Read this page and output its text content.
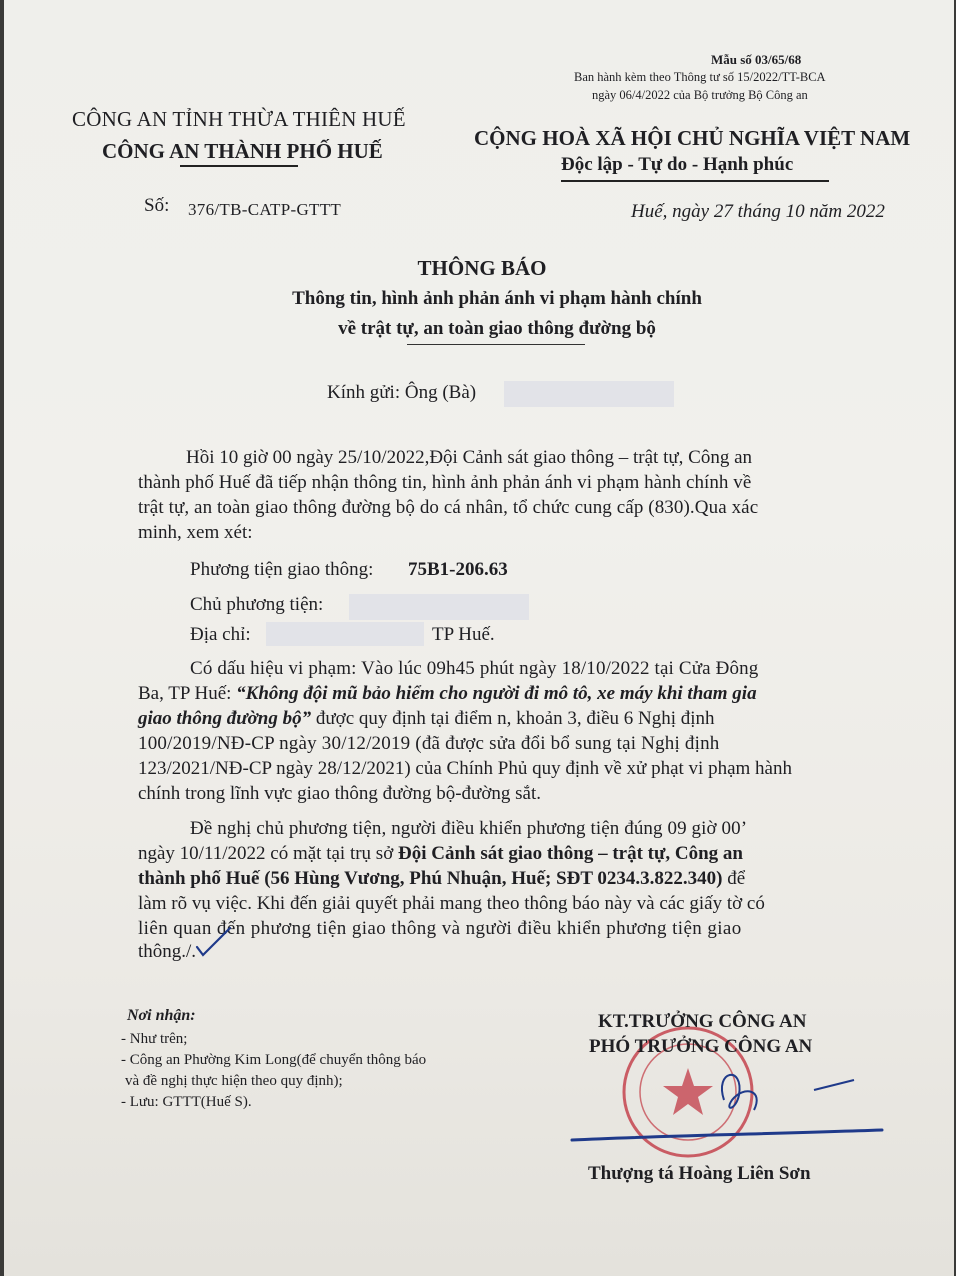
Mẫu số 03/65/68
Ban hành kèm theo Thông tư số 15/2022/TT-BCA
ngày 06/4/2022 của Bộ trưởng Bộ Công an
CÔNG AN TỈNH THỪA THIÊN HUẾ
CÔNG AN THÀNH PHỐ HUẾ
CỘNG HOÀ XÃ HỘI CHỦ NGHĨA VIỆT NAM
Độc lập - Tự do - Hạnh phúc
Số: 376/TB-CATP-GTTT	Huế, ngày 27 tháng 10 năm 2022
THÔNG BÁO
Thông tin, hình ảnh phản ánh vi phạm hành chính
về trật tự, an toàn giao thông đường bộ
Kính gửi: Ông (Bà)
Hồi 10 giờ 00 ngày 25/10/2022,Đội Cảnh sát giao thông – trật tự, Công an
thành phố Huế đã tiếp nhận thông tin, hình ảnh phản ánh vi phạm hành chính về
trật tự, an toàn giao thông đường bộ do cá nhân, tổ chức cung cấp (830).Qua xác
minh, xem xét:
Phương tiện giao thông: 75B1-206.63
Chủ phương tiện:
Địa chỉ:	TP Huế.
Có dấu hiệu vi phạm: Vào lúc 09h45 phút ngày 18/10/2022 tại Cửa Đông
Ba, TP Huế: “Không đội mũ bảo hiểm cho người đi mô tô, xe máy khi tham gia
giao thông đường bộ” được quy định tại điểm n, khoản 3, điều 6 Nghị định
100/2019/NĐ-CP ngày 30/12/2019 (đã được sửa đổi bổ sung tại Nghị định
123/2021/NĐ-CP ngày 28/12/2021) của Chính Phủ quy định về xử phạt vi phạm hành
chính trong lĩnh vực giao thông đường bộ-đường sắt.
Đề nghị chủ phương tiện, người điều khiển phương tiện đúng 09 giờ 00’
ngày 10/11/2022 có mặt tại trụ sở Đội Cảnh sát giao thông – trật tự, Công an
thành phố Huế (56 Hùng Vương, Phú Nhuận, Huế; SĐT 0234.3.822.340) để
làm rõ vụ việc. Khi đến giải quyết phải mang theo thông báo này và các giấy tờ có
liên quan đến phương tiện giao thông và người điều khiển phương tiện giao
thông./.
Nơi nhận:
- Như trên;
- Công an Phường Kim Long(để chuyển thông báo
và đề nghị thực hiện theo quy định);
- Lưu: GTTT(Huế S).
KT.TRƯỞNG CÔNG AN
PHÓ TRƯỞNG CÔNG AN
Thượng tá Hoàng Liên Sơn
